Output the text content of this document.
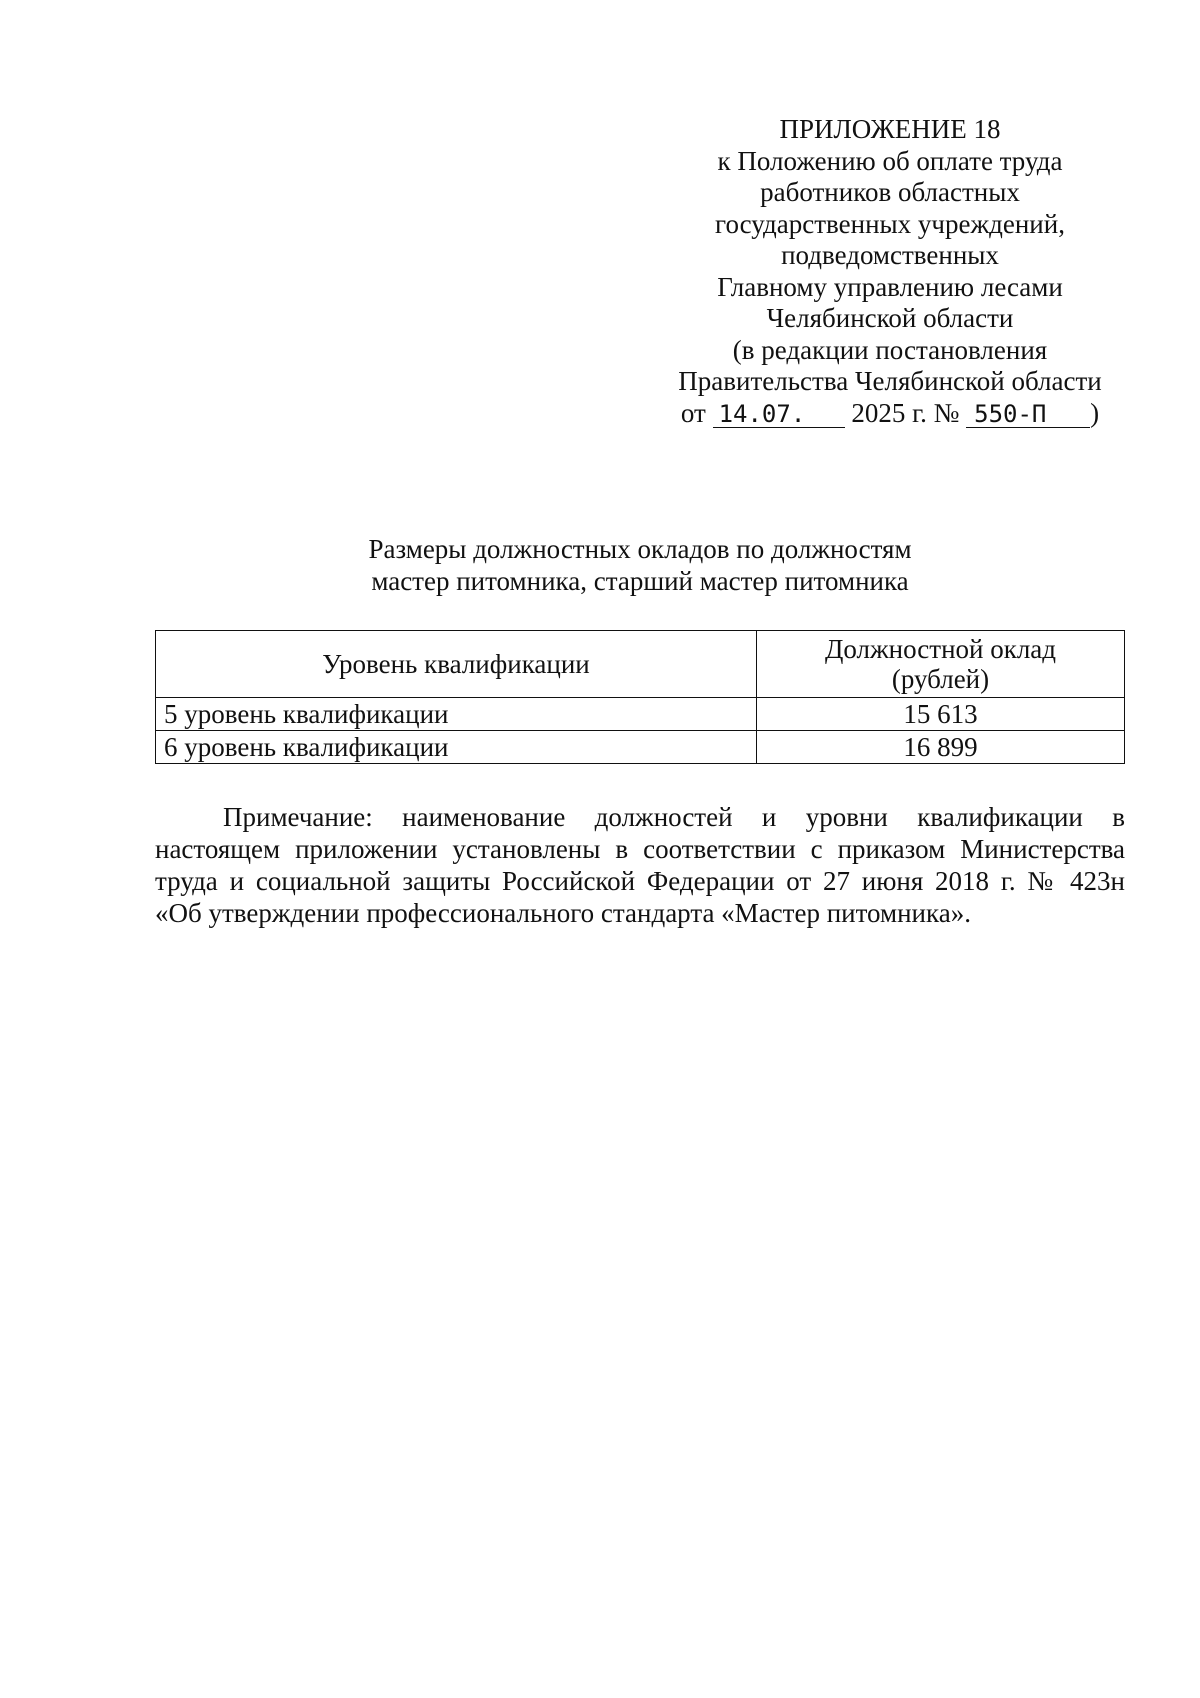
ПРИЛОЖЕНИЕ 18
к Положению об оплате труда
работников областных
государственных учреждений,
подведомственных
Главному управлению лесами
Челябинской области
(в редакции постановления
Правительства Челябинской области
от 14.07. 2025 г. № 550-П )
Размеры должностных окладов по должностям
мастер питомника, старший мастер питомника
Уровень квалификации	Должностной оклад
(рублей)

5 уровень квалификации	15 613
6 уровень квалификации	16 899
Примечание: наименование должностей и уровни квалификации в
настоящем приложении установлены в соответствии с приказом Министерства
труда и социальной защиты Российской Федерации от 27 июня 2018 г. № 423н
«Об утверждении профессионального стандарта «Мастер питомника».
